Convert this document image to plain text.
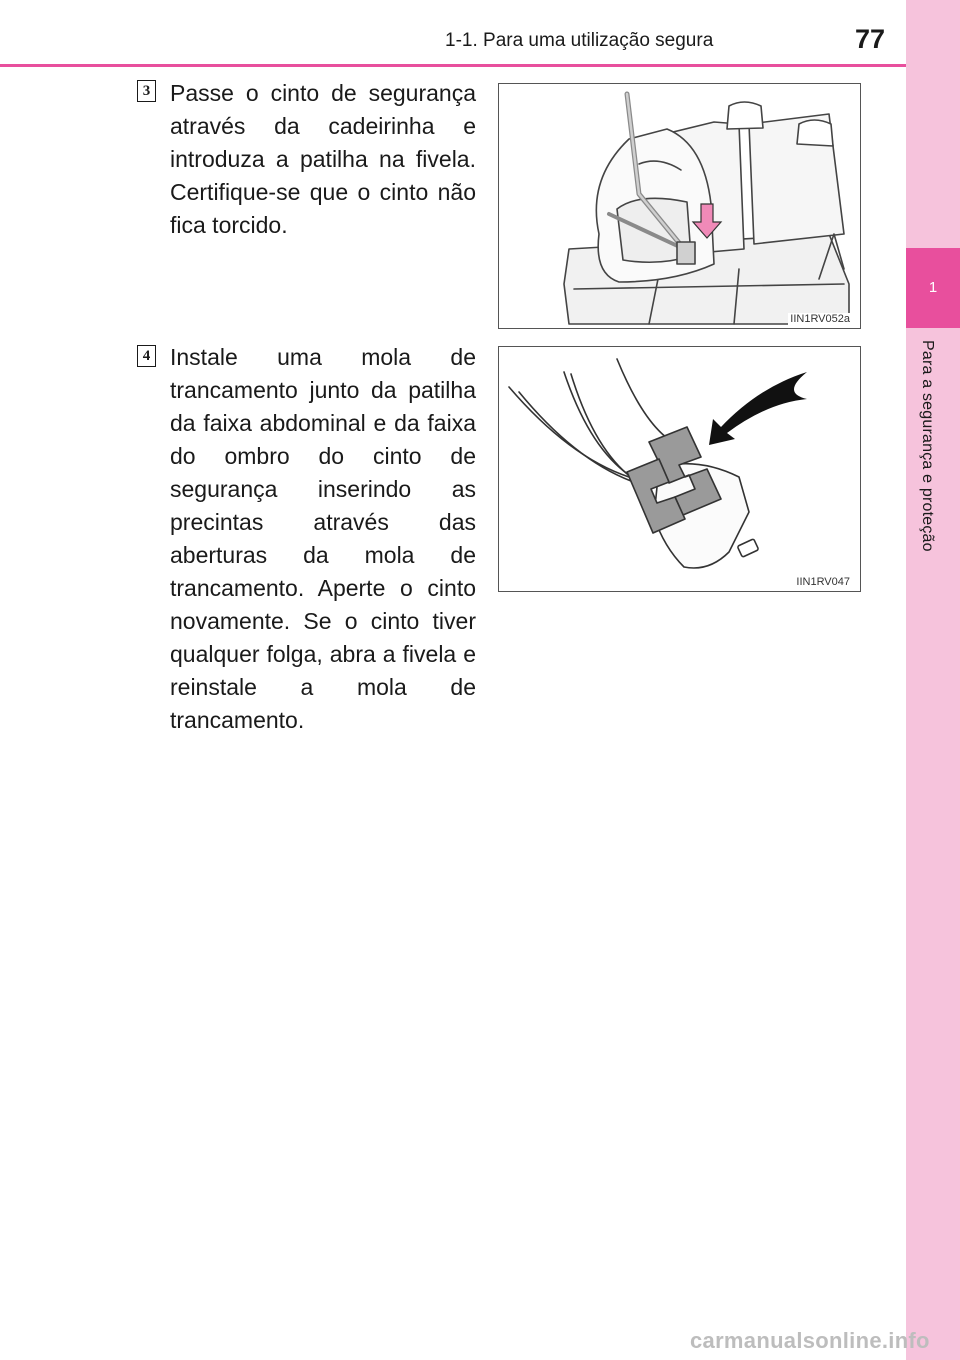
1
Para a segurança e proteção
1-1. Para uma utilização segura	77
3 Passe o cinto de segurança através da cadeirinha e introduza a patilha na fivela. Certifique-se que o cinto não fica torcido.
IIN1RV052a
4 Instale uma mola de trancamento junto da patilha da faixa abdominal e da faixa do ombro do cinto de segurança inserindo as precintas através das aberturas da mola de trancamento. Aperte o cinto novamente. Se o cinto tiver qualquer folga, abra a fivela e reinstale a mola de trancamento.
IIN1RV047
carmanualsonline.info
